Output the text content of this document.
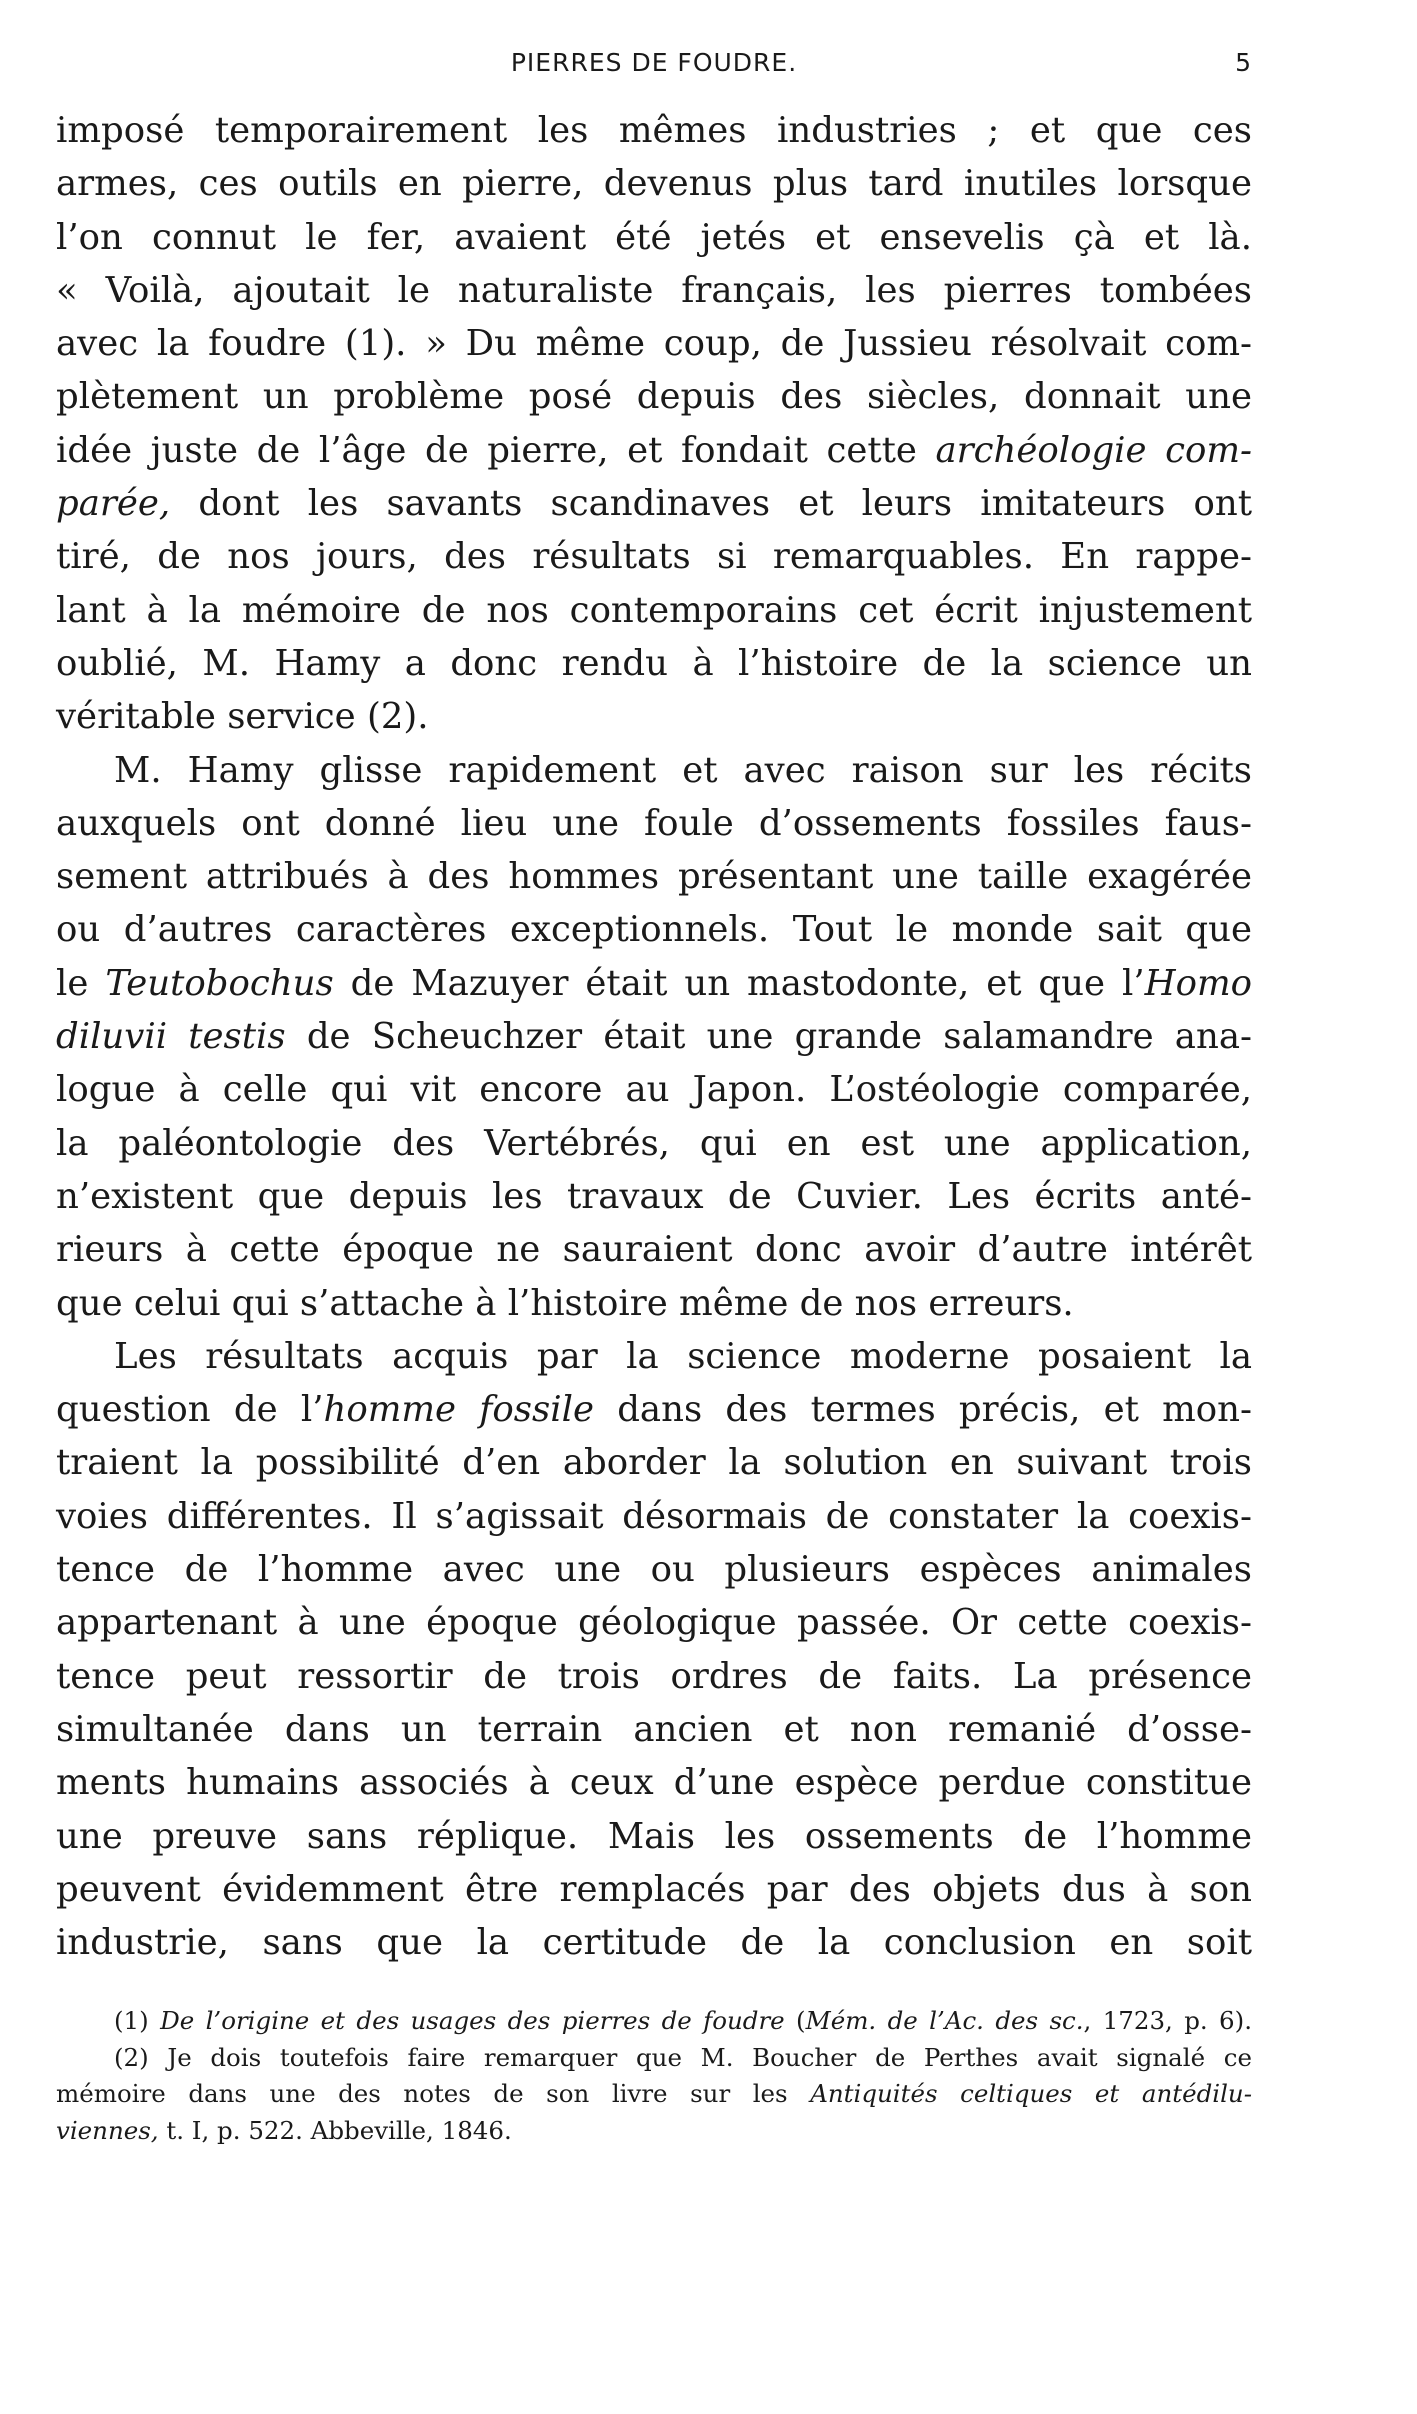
PIERRES DE FOUDRE.	5
imposé temporairement les mêmes industries ; et que ces
armes, ces outils en pierre, devenus plus tard inutiles lorsque
l’on connut le fer, avaient été jetés et ensevelis çà et là.
« Voilà, ajoutait le naturaliste français, les pierres tombées
avec la foudre (1). » Du même coup, de Jussieu résolvait com-
plètement un problème posé depuis des siècles, donnait une
idée juste de l’âge de pierre, et fondait cette archéologie com-
parée, dont les savants scandinaves et leurs imitateurs ont
tiré, de nos jours, des résultats si remarquables. En rappe-
lant à la mémoire de nos contemporains cet écrit injustement
oublié, M. Hamy a donc rendu à l’histoire de la science un
véritable service (2).
M. Hamy glisse rapidement et avec raison sur les récits
auxquels ont donné lieu une foule d’ossements fossiles faus-
sement attribués à des hommes présentant une taille exagérée
ou d’autres caractères exceptionnels. Tout le monde sait que
le Teutobochus de Mazuyer était un mastodonte, et que l’Homo
diluvii testis de Scheuchzer était une grande salamandre ana-
logue à celle qui vit encore au Japon. L’ostéologie comparée,
la paléontologie des Vertébrés, qui en est une application,
n’existent que depuis les travaux de Cuvier. Les écrits anté-
rieurs à cette époque ne sauraient donc avoir d’autre intérêt
que celui qui s’attache à l’histoire même de nos erreurs.
Les résultats acquis par la science moderne posaient la
question de l’homme fossile dans des termes précis, et mon-
traient la possibilité d’en aborder la solution en suivant trois
voies différentes. Il s’agissait désormais de constater la coexis-
tence de l’homme avec une ou plusieurs espèces animales
appartenant à une époque géologique passée. Or cette coexis-
tence peut ressortir de trois ordres de faits. La présence
simultanée dans un terrain ancien et non remanié d’osse-
ments humains associés à ceux d’une espèce perdue constitue
une preuve sans réplique. Mais les ossements de l’homme
peuvent évidemment être remplacés par des objets dus à son
industrie, sans que la certitude de la conclusion en soit
(1) De l’origine et des usages des pierres de foudre (Mém. de l’Ac. des sc., 1723, p. 6).
(2) Je dois toutefois faire remarquer que M. Boucher de Perthes avait signalé ce
mémoire dans une des notes de son livre sur les Antiquités celtiques et antédilu-
viennes, t. I, p. 522. Abbeville, 1846.
